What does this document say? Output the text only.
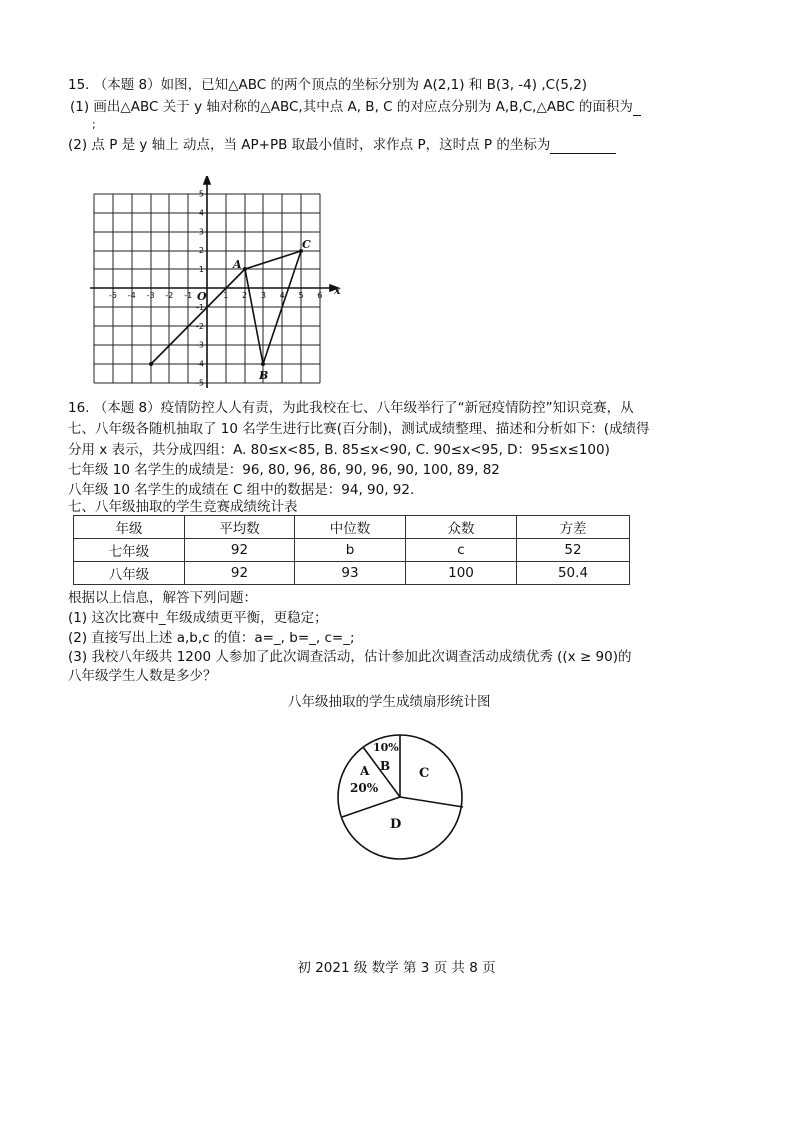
15. （本题 8）如图，已知△ABC 的两个顶点的坐标分别为 A(2,1) 和 B(3, -4) ,C(5,2)
(1) 画出△ABC 关于 y 轴对称的△ABC,其中点 A, B, C 的对应点分别为 A,B,C,△ABC 的面积为
;
(2) 点 P 是 y 轴上 动点，当 AP+PB 取最小值时，求作点 P，这时点 P 的坐标为
A
B
C
O	x
-5 -4 -3 -2 -1	1 2 3 4 5 6
5
4
3
2
1
-1
-2
-3
-4
-5
16. （本题 8）疫情防控人人有责，为此我校在七、八年级举行了“新冠疫情防控”知识竞赛，从
七、八年级各随机抽取了 10 名学生进行比赛(百分制)，测试成绩整理、描述和分析如下：(成绩得
分用 x 表示，共分成四组：A. 80≤x<85, B. 85≤x<90, C. 90≤x<95, D：95≤x≤100)
七年级 10 名学生的成绩是：96, 80, 96, 86, 90, 96, 90, 100, 89, 82
八年级 10 名学生的成绩在 C 组中的数据是：94, 90, 92.
七、八年级抽取的学生竞赛成绩统计表
年级	平均数	中位数	众数	方差
七年级	92	b	c	52
八年级	92	93	100	50.4
根据以上信息，解答下列问题：
(1) 这次比赛中_年级成绩更平衡，更稳定；
(2) 直接写出上述 a,b,c 的值：a=_, b=_, c=_;
(3) 我校八年级共 1200 人参加了此次调查活动，估计参加此次调查活动成绩优秀 ((x ≥ 90)的
八年级学生人数是多少？
八年级抽取的学生成绩扇形统计图
A
20%
B
10%
C
D
初 2021 级 数学 第 3 页 共 8 页
